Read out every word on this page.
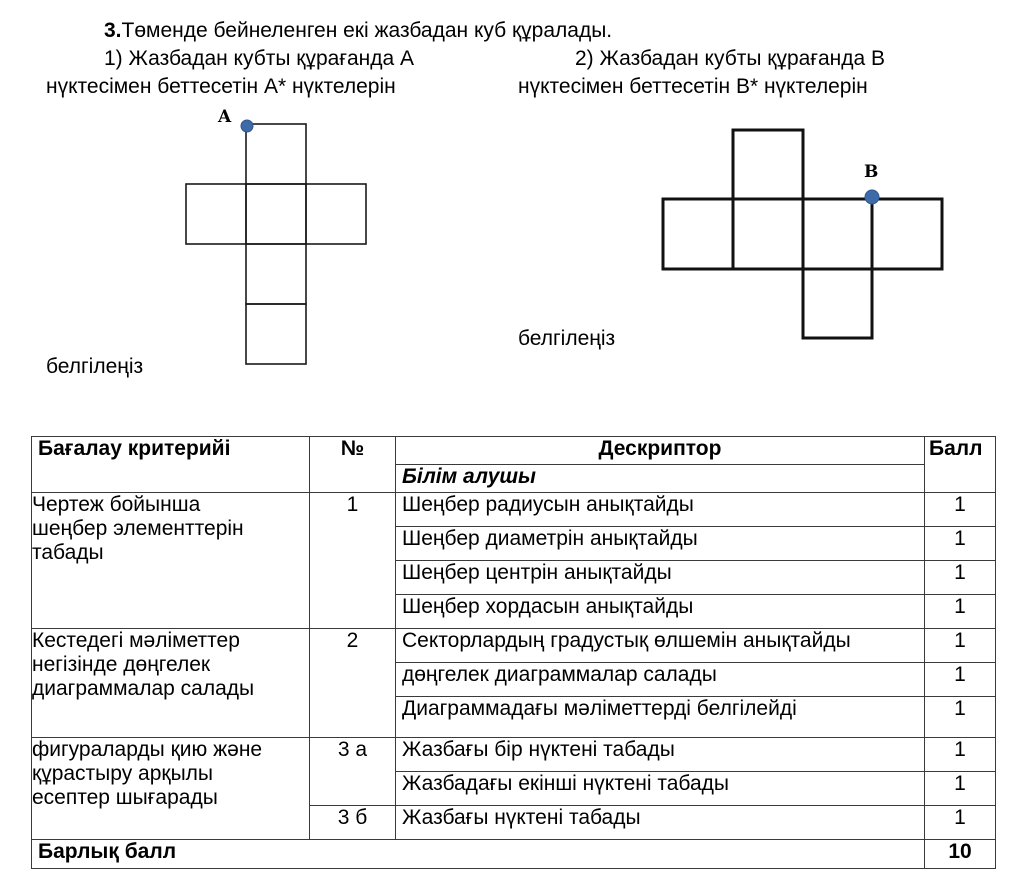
3.Төменде бейнеленген екі жазбадан куб құралады.
1) Жазбадан кубты құрағанда А
нүктесімен беттесетін А* нүктелерін
белгілеңіз
2) Жазбадан кубты құрағанда В
нүктесімен беттесетін В* нүктелерін
белгілеңіз
A
B
Бағалау критерийі	№	Дескриптор	Балл
		Білім алушы	
Чертеж бойынша
шеңбер элементтерін
табады	1	Шеңбер радиусын анықтайды	1
		Шеңбер диаметрін анықтайды	1
		Шеңбер центрін анықтайды	1
		Шеңбер хордасын анықтайды	1
Кестедегі мәліметтер
негізінде дөңгелек
диаграммалар салады	2	Секторлардың градустық өлшемін анықтайды	1
		дөңгелек диаграммалар салады	1
		Диаграммадағы мәліметтерді белгілейді	1
фигураларды қию және
құрастыру арқылы
есептер шығарады	3 а	Жазбағы бір нүктені табады	1
		Жазбадағы екінші нүктені табады	1
	3 б	Жазбағы нүктені табады	1
Барлық балл			10
